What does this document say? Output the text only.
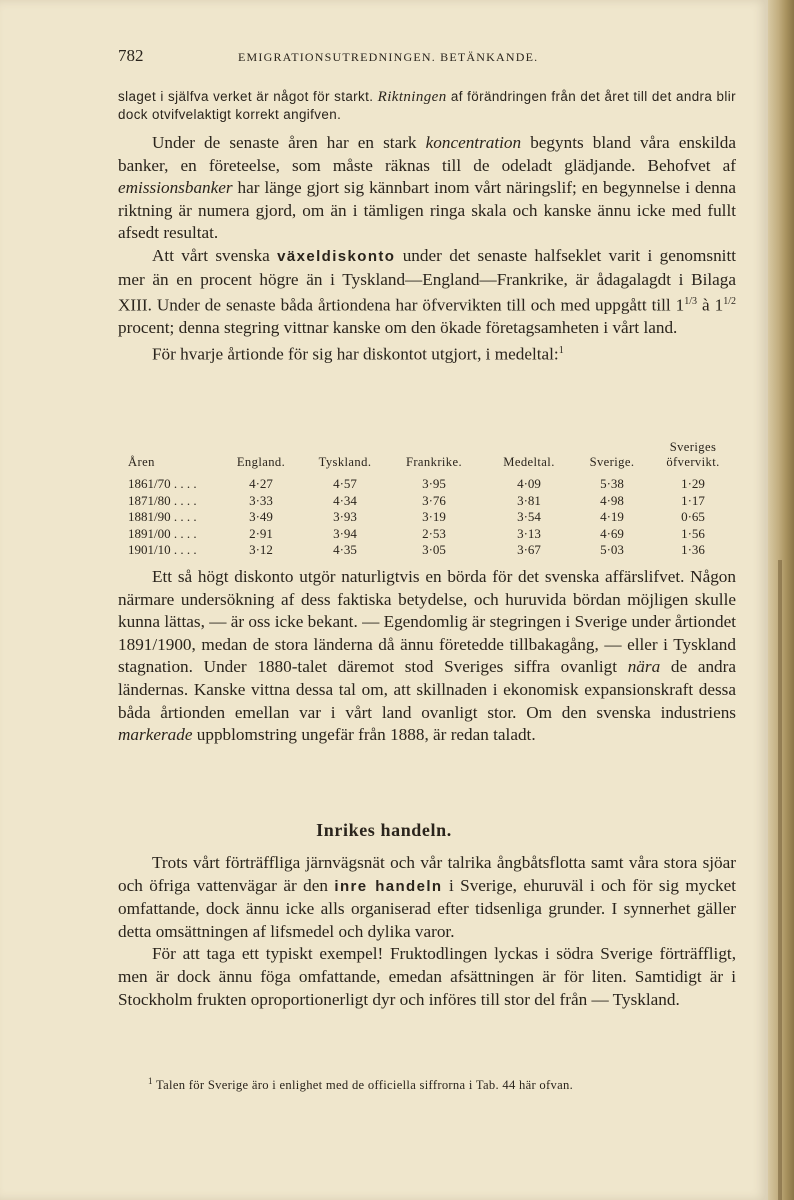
782	EMIGRATIONSUTREDNINGEN. BETÄNKANDE.
slaget i själfva verket är något för starkt. Riktningen af förändringen från det året till det andra blir dock otvifvelaktigt korrekt angifven.

Under de senaste åren har en stark koncentration begynts bland våra enskilda banker, en företeelse, som måste räknas till de odeladt glädjande. Behofvet af emissionsbanker har länge gjort sig kännbart inom vårt näringslif; en begynnelse i denna riktning är numera gjord, om än i tämligen ringa skala och kanske ännu icke med fullt afsedt resultat.

Att vårt svenska växeldiskonto under det senaste halfseklet varit i genomsnitt mer än en procent högre än i Tyskland—England—Frankrike, är ådagalagdt i Bilaga XIII. Under de senaste båda årtiondena har öfvervikten till och med uppgått till $1^{1/3}$ à $1^{1/2}$ procent; denna stegring vittnar kanske om den ökade företagsamheten i vårt land.

För hvarje årtionde för sig har diskontot utgjort, i medeltal:$^1$

Åren	England.	Tyskland.	Frankrike.	Medeltal.	Sverige.	Sveriges öfvervikt.
1861/70 . . . .	4·27	4·57	3·95	4·09	5·38	1·29
1871/80 . . . .	3·33	4·34	3·76	3·81	4·98	1·17
1881/90 . . . .	3·49	3·93	3·19	3·54	4·19	0·65
1891/00 . . . .	2·91	3·94	2·53	3·13	4·69	1·56
1901/10 . . . .	3·12	4·35	3·05	3·67	5·03	1·36

Ett så högt diskonto utgör naturligtvis en börda för det svenska affärslifvet. Någon närmare undersökning af dess faktiska betydelse, och huruvida bördan möjligen skulle kunna lättas, — är oss icke bekant. — Egendomlig är stegringen i Sverige under årtiondet 1891/1900, medan de stora länderna då ännu företedde tillbakagång, — eller i Tyskland stagnation. Under 1880-talet däremot stod Sveriges siffra ovanligt nära de andra ländernas. Kanske vittna dessa tal om, att skillnaden i ekonomisk expansionskraft dessa båda årtionden emellan var i vårt land ovanligt stor. Om den svenska industriens markerade uppblomstring ungefär från 1888, är redan taladt.

Inrikes handeln.

Trots vårt förträffliga järnvägsnät och vår talrika ångbåtsflotta samt våra stora sjöar och öfriga vattenvägar är den inre handeln i Sverige, ehuruväl i och för sig mycket omfattande, dock ännu icke alls organiserad efter tidsenliga grunder. I synnerhet gäller detta omsättningen af lifsmedel och dylika varor.

För att taga ett typiskt exempel! Fruktodlingen lyckas i södra Sverige förträffligt, men är dock ännu föga omfattande, emedan afsättningen är för liten. Samtidigt är i Stockholm frukten oproportionerligt dyr och införes till stor del från — Tyskland.

$^1$ Talen för Sverige äro i enlighet med de officiella siffrorna i Tab. 44 här ofvan.
